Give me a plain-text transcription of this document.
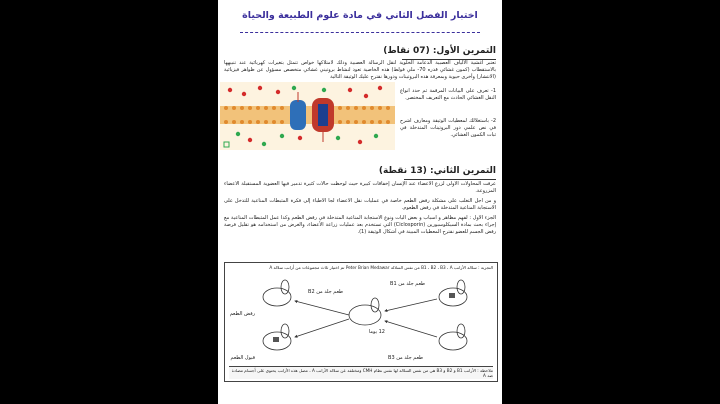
اختبار الفصل الثاني في مادة علوم الطبيعة والحياة
التمرين الأول: (07 نقاط)
تعتبر أغشية الألياف العصبية الدعامة الخلوية لنقل الرسالة العصبية وذلك لامتلاكها خواص تتمثل بتغيرات كهربائية عند تنبيهها بالاستقطاب (كمون غشائي قدره 70- ملي فولط) هذه الخاصية تعود لنشاط بروتيني غشائي متخصص مسؤول عن ظواهر فيزيائية (الانتشار) وأخرى حيوية وبمعرفة هذه البروتينات ودورها نقترح عليك الوثيقة التالية
1- تعرف على البيانات المرقمة ثم حدد أنواع النقل الغشائي الحادث مع التعريف المختصر.
2- باستغلالك لمعطيات الوثيقة ومعارف اشرح في نص علمي دور البروتينات المتدخلة في ثبات الكمون الغشائي.
التمرين الثاني: (13 نقطة)
عرفت المحاولات الأولى لزرع الأعضاء عند الإنسان إخفاقات كبيرة حيث لوحظت حالات كثيرة تدمير فيها العضوية المستقبلة الأعضاء المزروعة.
و من أجل التغلب على مشكلة رفض الطعم خاصة في عمليات نقل الأعضاء لجأ الأطباء إلى فكرة المثبطات المناعية للتدخل على الاستجابة المناعية المتدخلة في رفض الطعوم.
الجزء الأول : لفهم مظاهر و أسباب و بعض آليات ونوع الاستجابة المناعية المتدخلة في رفض الطعم وكذا عمل المثبطات المناعية مع إجراء بحث بمادة السيكلوسبورين (Ciclosporin) التي تستخدم بعد عمليات زراعة الأعضاء، والغرض من استخدامه هو تقليل فرصة رفض الجسم للعضو نقترح المعطيات المبينة في أشكال الوثيقة (1).
التجربة : سلالة الأرانب B1 ، B2 ، B3 ، A من نفس السلالة Peter Brian Medawar تم اختيار ثلاث مجموعات من أرانب سلالة A
طعم جلد من B1
طعم جلد من B2
طعم جلد من B3
12 يوما
رفض الطعم
قبول الطعم
ملاحظة : الأرانب B1 و B2 و B3 هي من نفس السلالة لها نفس نظام CMH ومختلفة عن سلالة الأرانب A ، مصل هذه الأرانب يحتوي على أجسام مضادة ضد A
